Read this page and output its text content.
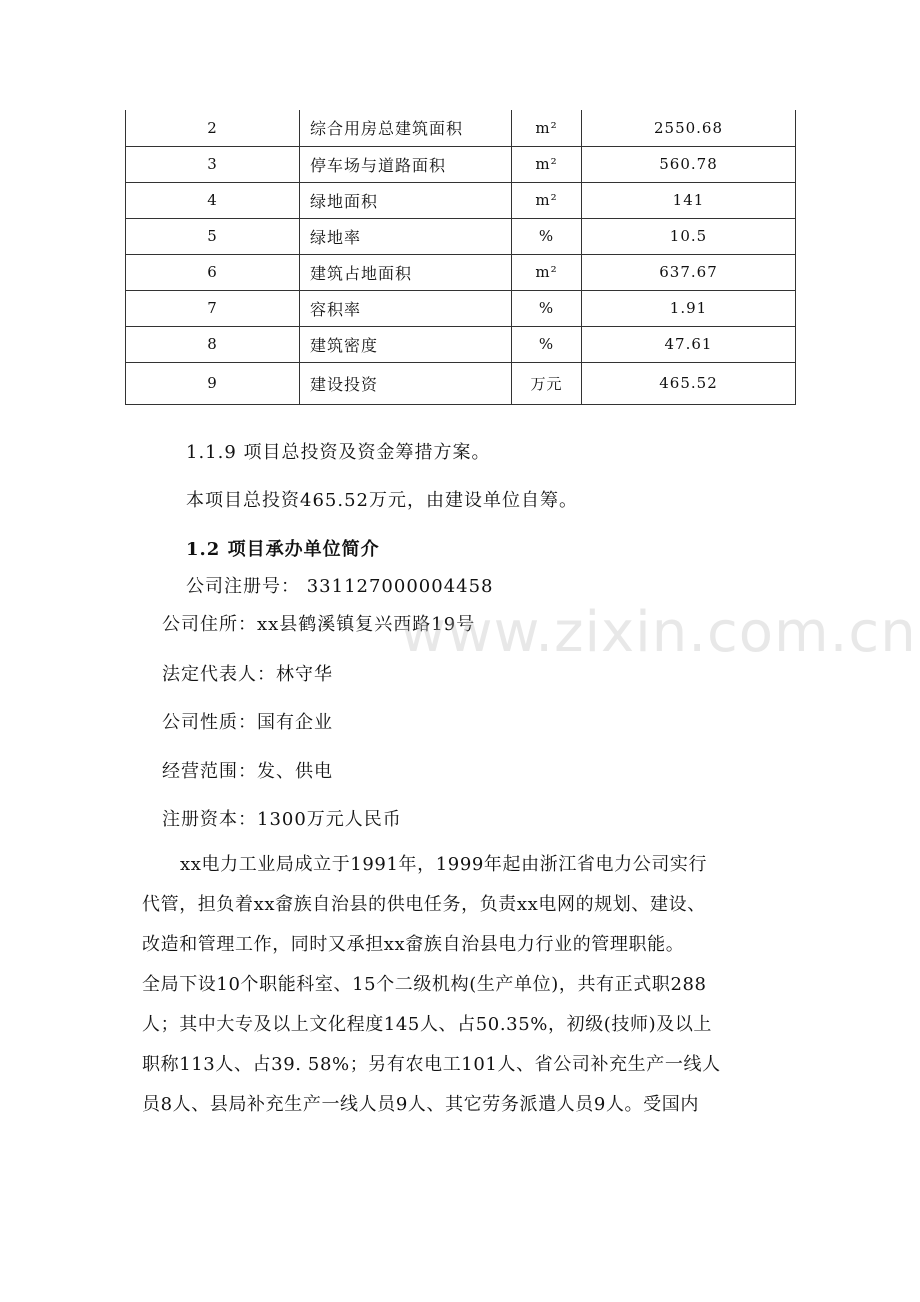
2	综合用房总建筑面积	m²	2550.68
3	停车场与道路面积	m²	560.78
4	绿地面积	m²	141
5	绿地率	%	10.5
6	建筑占地面积	m²	637.67
7	容积率	%	1.91
8	建筑密度	%	47.61
9	建设投资	万元	465.52
1.1.9 项目总投资及资金筹措方案。
本项目总投资465.52万元，由建设单位自筹。
1.2 项目承办单位简介
公司注册号： 331127000004458
公司住所：xx县鹤溪镇复兴西路19号
法定代表人：林守华
公司性质：国有企业
经营范围：发、供电
注册资本：1300万元人民币
xx电力工业局成立于1991年，1999年起由浙江省电力公司实行
代管，担负着xx畲族自治县的供电任务，负责xx电网的规划、建设、
改造和管理工作，同时又承担xx畲族自治县电力行业的管理职能。
全局下设10个职能科室、15个二级机构(生产单位)，共有正式职288
人；其中大专及以上文化程度145人、占50.35%，初级(技师)及以上
职称113人、占39. 58%；另有农电工101人、省公司补充生产一线人
员8人、县局补充生产一线人员9人、其它劳务派遣人员9人。受国内
www.zixin.com.cn
